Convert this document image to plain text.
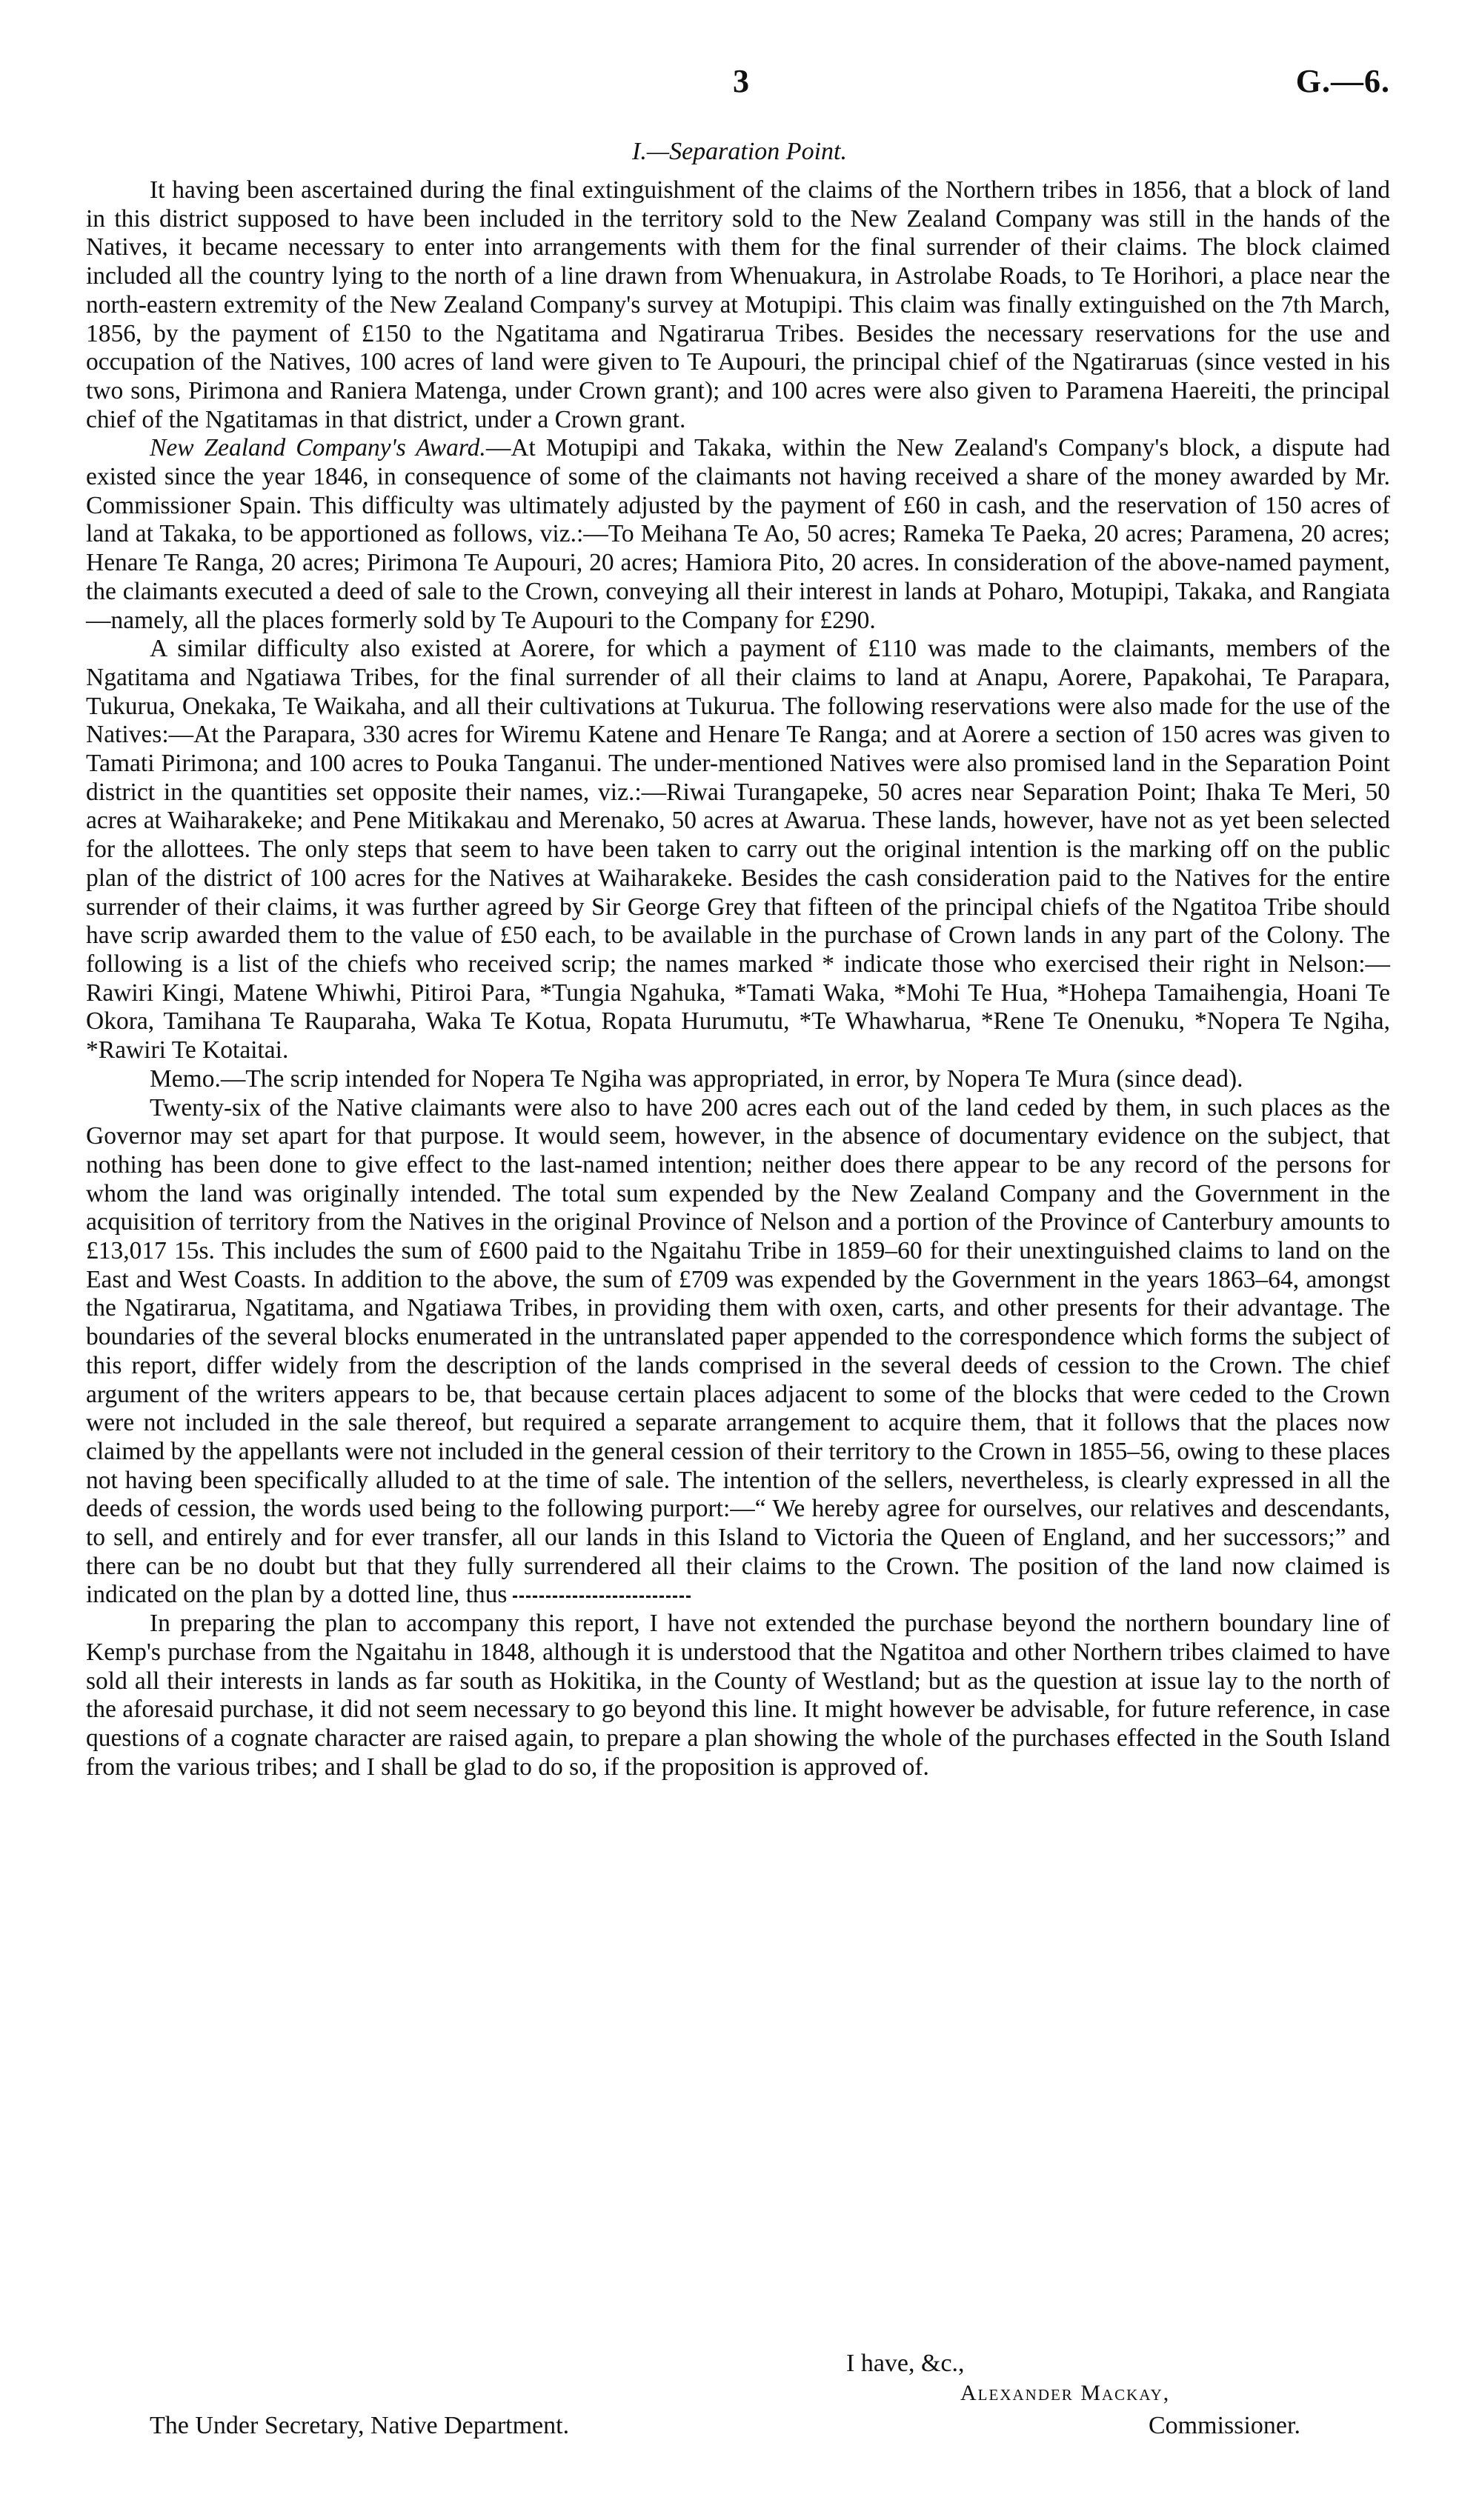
3	G.—6.
I.—Separation Point.

It having been ascertained during the final extinguishment of the claims of the Northern tribes in 1856, that a block of land in this district supposed to have been included in the territory sold to the New Zealand Company was still in the hands of the Natives, it became necessary to enter into arrangements with them for the final surrender of their claims. The block claimed included all the country lying to the north of a line drawn from Whenuakura, in Astrolabe Roads, to Te Horihori, a place near the north-eastern extremity of the New Zealand Company's survey at Motupipi. This claim was finally extinguished on the 7th March, 1856, by the payment of £150 to the Ngatitama and Ngatirarua Tribes. Besides the necessary reservations for the use and occupation of the Natives, 100 acres of land were given to Te Aupouri, the principal chief of the Ngatiraruas (since vested in his two sons, Pirimona and Raniera Matenga, under Crown grant); and 100 acres were also given to Paramena Haereiti, the principal chief of the Ngatitamas in that district, under a Crown grant.

New Zealand Company's Award.—At Motupipi and Takaka, within the New Zealand's Company's block, a dispute had existed since the year 1846, in consequence of some of the claimants not having received a share of the money awarded by Mr. Commissioner Spain. This difficulty was ultimately adjusted by the payment of £60 in cash, and the reservation of 150 acres of land at Takaka, to be apportioned as follows, viz.:—To Meihana Te Ao, 50 acres; Rameka Te Paeka, 20 acres; Paramena, 20 acres; Henare Te Ranga, 20 acres; Pirimona Te Aupouri, 20 acres; Hamiora Pito, 20 acres. In consideration of the above-named payment, the claimants executed a deed of sale to the Crown, conveying all their interest in lands at Poharo, Motupipi, Takaka, and Rangiata—namely, all the places formerly sold by Te Aupouri to the Company for £290.

A similar difficulty also existed at Aorere, for which a payment of £110 was made to the claimants, members of the Ngatitama and Ngatiawa Tribes, for the final surrender of all their claims to land at Anapu, Aorere, Papakohai, Te Parapara, Tukurua, Onekaka, Te Waikaha, and all their cultivations at Tukurua. The following reservations were also made for the use of the Natives:—At the Parapara, 330 acres for Wiremu Katene and Henare Te Ranga; and at Aorere a section of 150 acres was given to Tamati Pirimona; and 100 acres to Pouka Tanganui. The under-mentioned Natives were also promised land in the Separation Point district in the quantities set opposite their names, viz.:—Riwai Turangapeke, 50 acres near Separation Point; Ihaka Te Meri, 50 acres at Waiharakeke; and Pene Mitikakau and Merenako, 50 acres at Awarua. These lands, however, have not as yet been selected for the allottees. The only steps that seem to have been taken to carry out the original intention is the marking off on the public plan of the district of 100 acres for the Natives at Waiharakeke. Besides the cash consideration paid to the Natives for the entire surrender of their claims, it was further agreed by Sir George Grey that fifteen of the principal chiefs of the Ngatitoa Tribe should have scrip awarded them to the value of £50 each, to be available in the purchase of Crown lands in any part of the Colony. The following is a list of the chiefs who received scrip; the names marked * indicate those who exercised their right in Nelson:—Rawiri Kingi, Matene Whiwhi, Pitiroi Para, *Tungia Ngahuka, *Tamati Waka, *Mohi Te Hua, *Hohepa Tamaihengia, Hoani Te Okora, Tamihana Te Rauparaha, Waka Te Kotua, Ropata Hurumutu, *Te Whawharua, *Rene Te Onenuku, *Nopera Te Ngiha, *Rawiri Te Kotaitai.

Memo.—The scrip intended for Nopera Te Ngiha was appropriated, in error, by Nopera Te Mura (since dead).

Twenty-six of the Native claimants were also to have 200 acres each out of the land ceded by them, in such places as the Governor may set apart for that purpose. It would seem, however, in the absence of documentary evidence on the subject, that nothing has been done to give effect to the last-named intention; neither does there appear to be any record of the persons for whom the land was originally intended. The total sum expended by the New Zealand Company and the Government in the acquisition of territory from the Natives in the original Province of Nelson and a portion of the Province of Canterbury amounts to £13,017 15s. This includes the sum of £600 paid to the Ngaitahu Tribe in 1859–60 for their unextinguished claims to land on the East and West Coasts. In addition to the above, the sum of £709 was expended by the Government in the years 1863–64, amongst the Ngatirarua, Ngatitama, and Ngatiawa Tribes, in providing them with oxen, carts, and other presents for their advantage. The boundaries of the several blocks enumerated in the untranslated paper appended to the correspondence which forms the subject of this report, differ widely from the description of the lands comprised in the several deeds of cession to the Crown. The chief argument of the writers appears to be, that because certain places adjacent to some of the blocks that were ceded to the Crown were not included in the sale thereof, but required a separate arrangement to acquire them, that it follows that the places now claimed by the appellants were not included in the general cession of their territory to the Crown in 1855–56, owing to these places not having been specifically alluded to at the time of sale. The intention of the sellers, nevertheless, is clearly expressed in all the deeds of cession, the words used being to the following purport:—“ We hereby agree for ourselves, our relatives and descendants, to sell, and entirely and for ever transfer, all our lands in this Island to Victoria the Queen of England, and her successors;” and there can be no doubt but that they fully surrendered all their claims to the Crown. The position of the land now claimed is indicated on the plan by a dotted line, thus

In preparing the plan to accompany this report, I have not extended the purchase beyond the northern boundary line of Kemp's purchase from the Ngaitahu in 1848, although it is understood that the Ngatitoa and other Northern tribes claimed to have sold all their interests in lands as far south as Hokitika, in the County of Westland; but as the question at issue lay to the north of the aforesaid purchase, it did not seem necessary to go beyond this line. It might however be advisable, for future reference, in case questions of a cognate character are raised again, to prepare a plan showing the whole of the purchases effected in the South Island from the various tribes; and I shall be glad to do so, if the proposition is approved of.

I have, &c.,
Alexander Mackay,
The Under Secretary, Native Department.	Commissioner.
